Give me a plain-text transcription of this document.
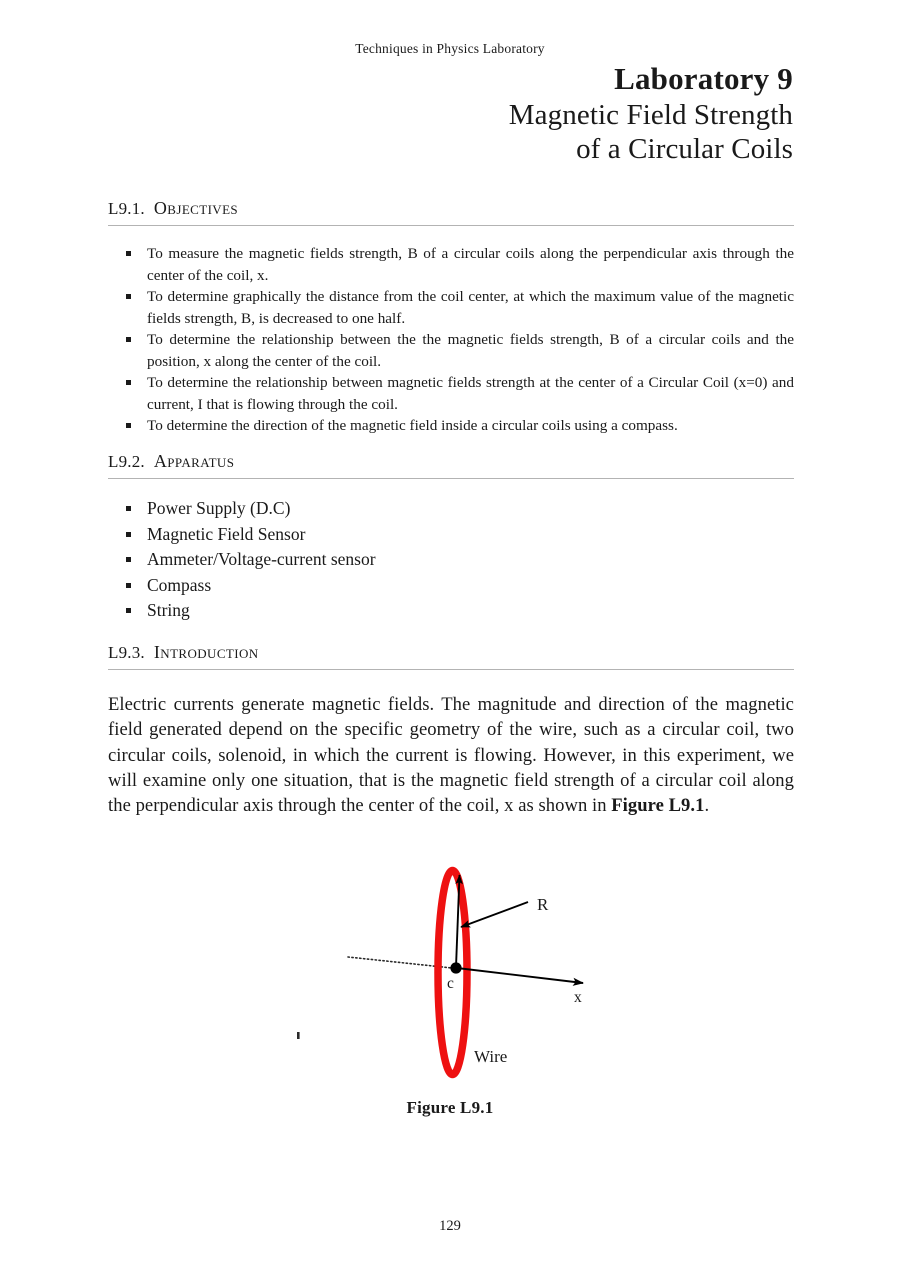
Techniques in Physics Laboratory
Laboratory 9
Magnetic Field Strength
of a Circular Coils
L9.1. Objectives
To measure the magnetic fields strength, B of a circular coils along the perpendicular axis through the center of the coil, x.
To determine graphically the distance from the coil center, at which the maximum value of the magnetic fields strength, B, is decreased to one half.
To determine the relationship between the the magnetic fields strength, B of a circular coils and the position, x along the center of the coil.
To determine the relationship between magnetic fields strength at the center of a Circular Coil (x=0) and current, I that is flowing through the coil.
To determine the direction of the magnetic field inside a circular coils using a compass.
L9.2. Apparatus
Power Supply (D.C)
Magnetic Field Sensor
Ammeter/Voltage-current sensor
Compass
String
L9.3. Introduction

Electric currents generate magnetic fields. The magnitude and direction of the magnetic field generated depend on the specific geometry of the wire, such as a circular coil, two circular coils, solenoid, in which the current is flowing. However, in this experiment, we will examine only one situation, that is the magnetic field strength of a circular coil along the perpendicular axis through the center of the coil, x as shown in Figure L9.1.

R
c
x
Wire
Figure L9.1
129
